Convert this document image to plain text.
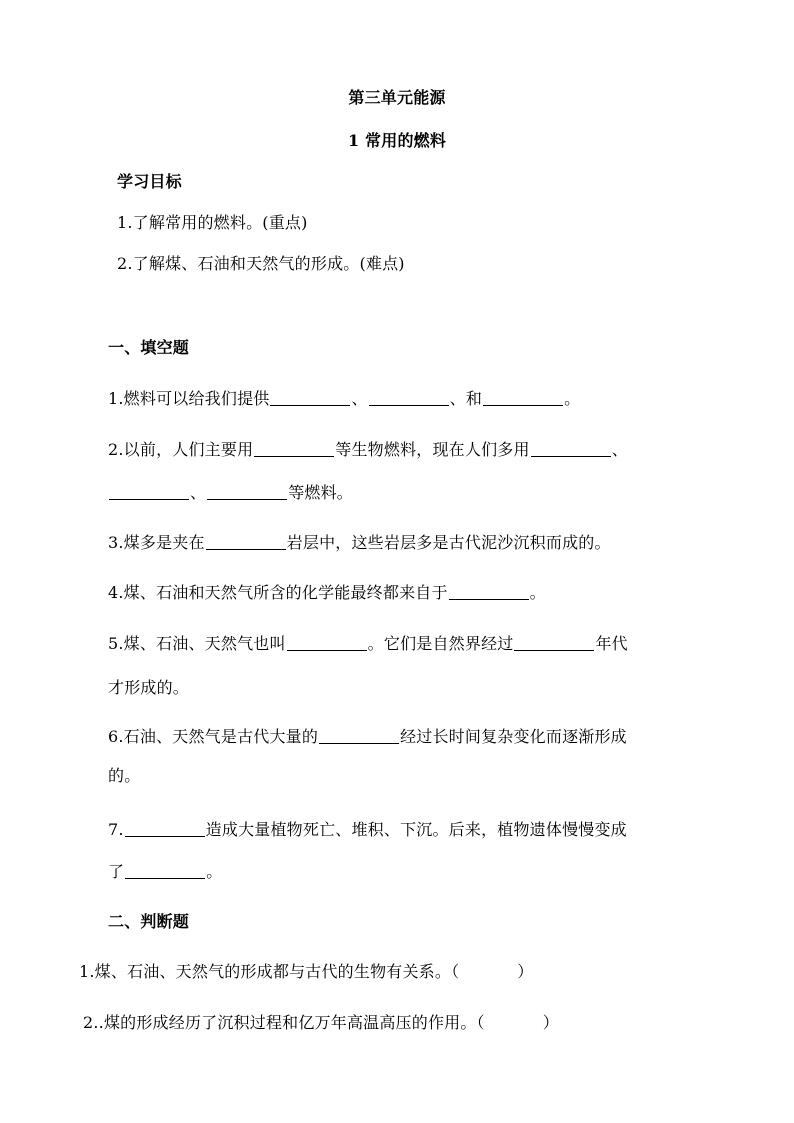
第三单元能源
1 常用的燃料
学习目标
1.了解常用的燃料。(重点)
2.了解煤、石油和天然气的形成。(难点)
一、填空题
1.燃料可以给我们提供	、	、和	。
2.以前，人们主要用	等生物燃料，现在人们多用	、
、	等燃料。
3.煤多是夹在	岩层中，这些岩层多是古代泥沙沉积而成的。
4.煤、石油和天然气所含的化学能最终都来自于	。
5.煤、石油、天然气也叫	。它们是自然界经过	年代
才形成的。
6.石油、天然气是古代大量的	经过长时间复杂变化而逐渐形成
的。
7.	造成大量植物死亡、堆积、下沉。后来，植物遗体慢慢变成
了	。
二、判断题
1.煤、石油、天然气的形成都与古代的生物有关系。（	）
2..煤的形成经历了沉积过程和亿万年高温高压的作用。（	）
